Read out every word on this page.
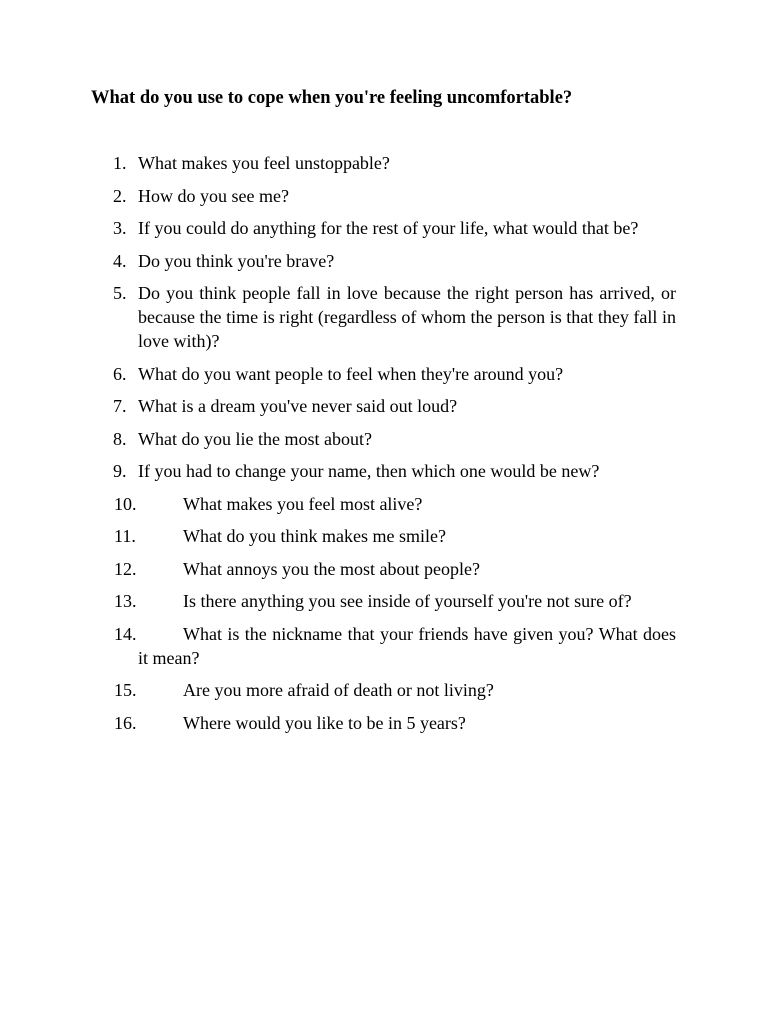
What do you use to cope when you're feeling uncomfortable?
1. What makes you feel unstoppable?
2. How do you see me?
3. If you could do anything for the rest of your life, what would that be?
4. Do you think you're brave?
5. Do you think people fall in love because the right person has arrived, or because the time is right (regardless of whom the person is that they fall in love with)?
6. What do you want people to feel when they're around you?
7. What is a dream you've never said out loud?
8. What do you lie the most about?
9. If you had to change your name, then which one would be new?
10.	What makes you feel most alive?
11.	What do you think makes me smile?
12.	What annoys you the most about people?
13.	Is there anything you see inside of yourself you're not sure of?
14.	What is the nickname that your friends have given you? What does it mean?
15.	Are you more afraid of death or not living?
16.	Where would you like to be in 5 years?
